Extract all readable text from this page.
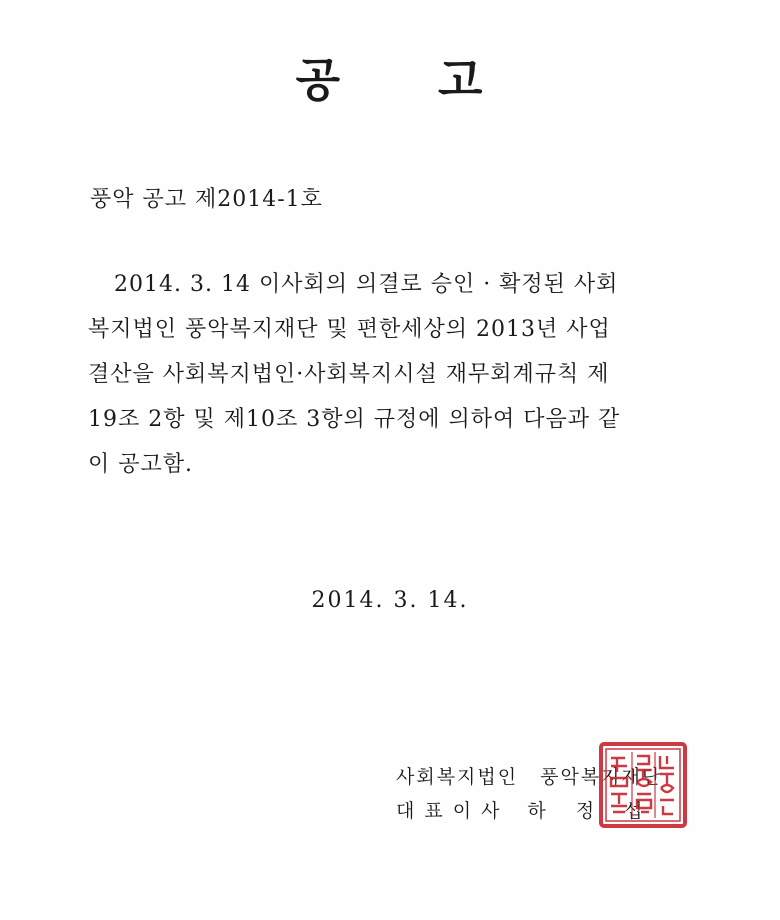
공 고
풍악 공고 제2014-1호
2014. 3. 14 이사회의 의결로 승인 · 확정된 사회
복지법인 풍악복지재단 및 편한세상의 2013년 사업
결산을 사회복지법인·사회복지시설 재무회계규칙 제
19조 2항 및 제10조 3항의 규정에 의하여 다음과 같
이 공고함.
2014. 3. 14.
사회복지법인 풍악복지재단
대표이사 하정섭
